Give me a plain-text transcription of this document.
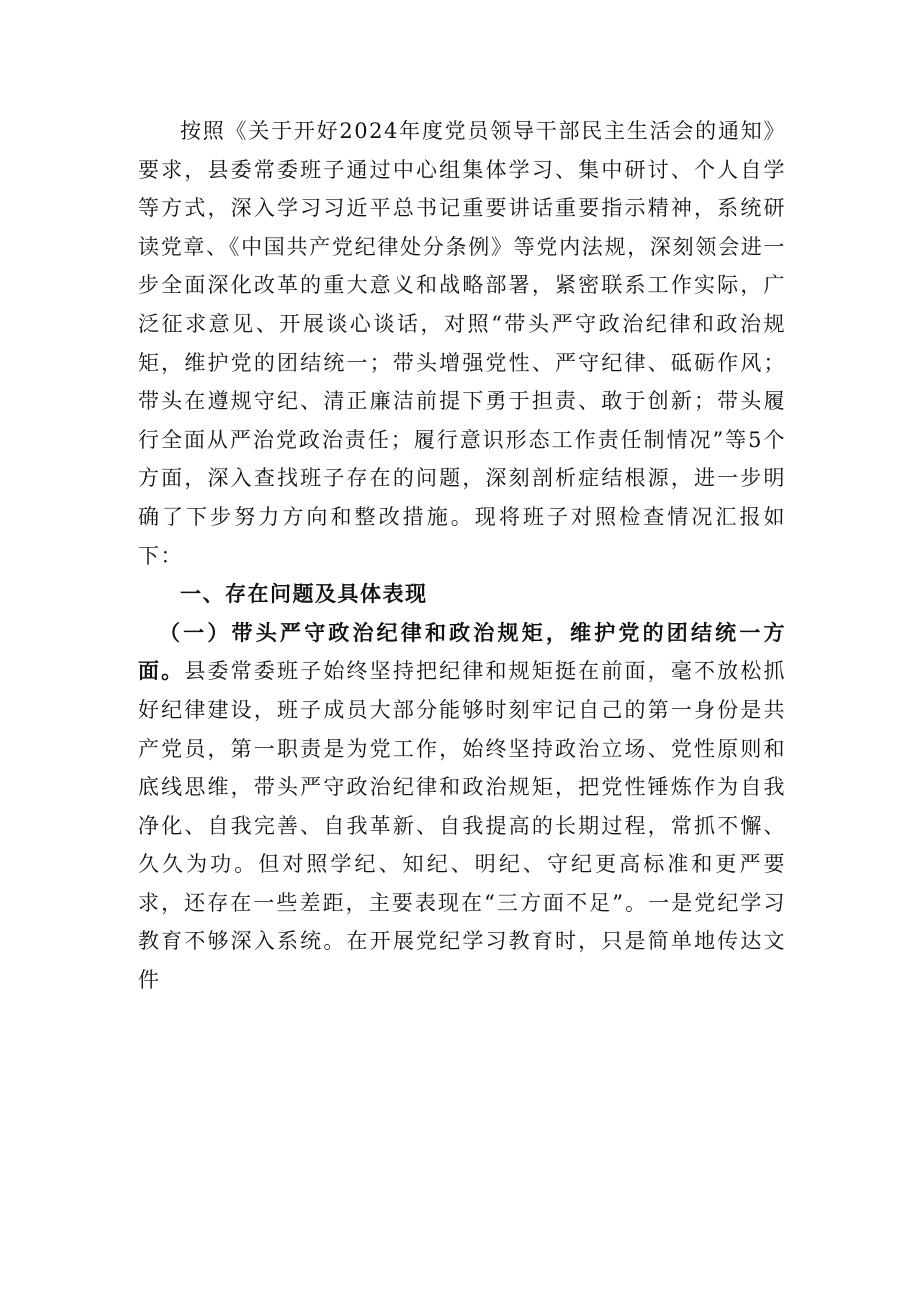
按照《关于开好2024年度党员领导干部民主生活会的通知》要求，县委常委班子通过中心组集体学习、集中研讨、个人自学等方式，深入学习习近平总书记重要讲话重要指示精神，系统研读党章、《中国共产党纪律处分条例》等党内法规，深刻领会进一步全面深化改革的重大意义和战略部署，紧密联系工作实际，广泛征求意见、开展谈心谈话，对照“带头严守政治纪律和政治规矩，维护党的团结统一；带头增强党性、严守纪律、砥砺作风；带头在遵规守纪、清正廉洁前提下勇于担责、敢于创新；带头履行全面从严治党政治责任；履行意识形态工作责任制情况”等5个方面，深入查找班子存在的问题，深刻剖析症结根源，进一步明确了下步努力方向和整改措施。现将班子对照检查情况汇报如下：

一、存在问题及具体表现

（一）带头严守政治纪律和政治规矩，维护党的团结统一方面。县委常委班子始终坚持把纪律和规矩挺在前面，毫不放松抓好纪律建设，班子成员大部分能够时刻牢记自己的第一身份是共产党员，第一职责是为党工作，始终坚持政治立场、党性原则和底线思维，带头严守政治纪律和政治规矩，把党性锤炼作为自我净化、自我完善、自我革新、自我提高的长期过程，常抓不懈、久久为功。但对照学纪、知纪、明纪、守纪更高标准和更严要求，还存在一些差距，主要表现在“三方面不足”。一是党纪学习教育不够深入系统。在开展党纪学习教育时，只是简单地传达文件
